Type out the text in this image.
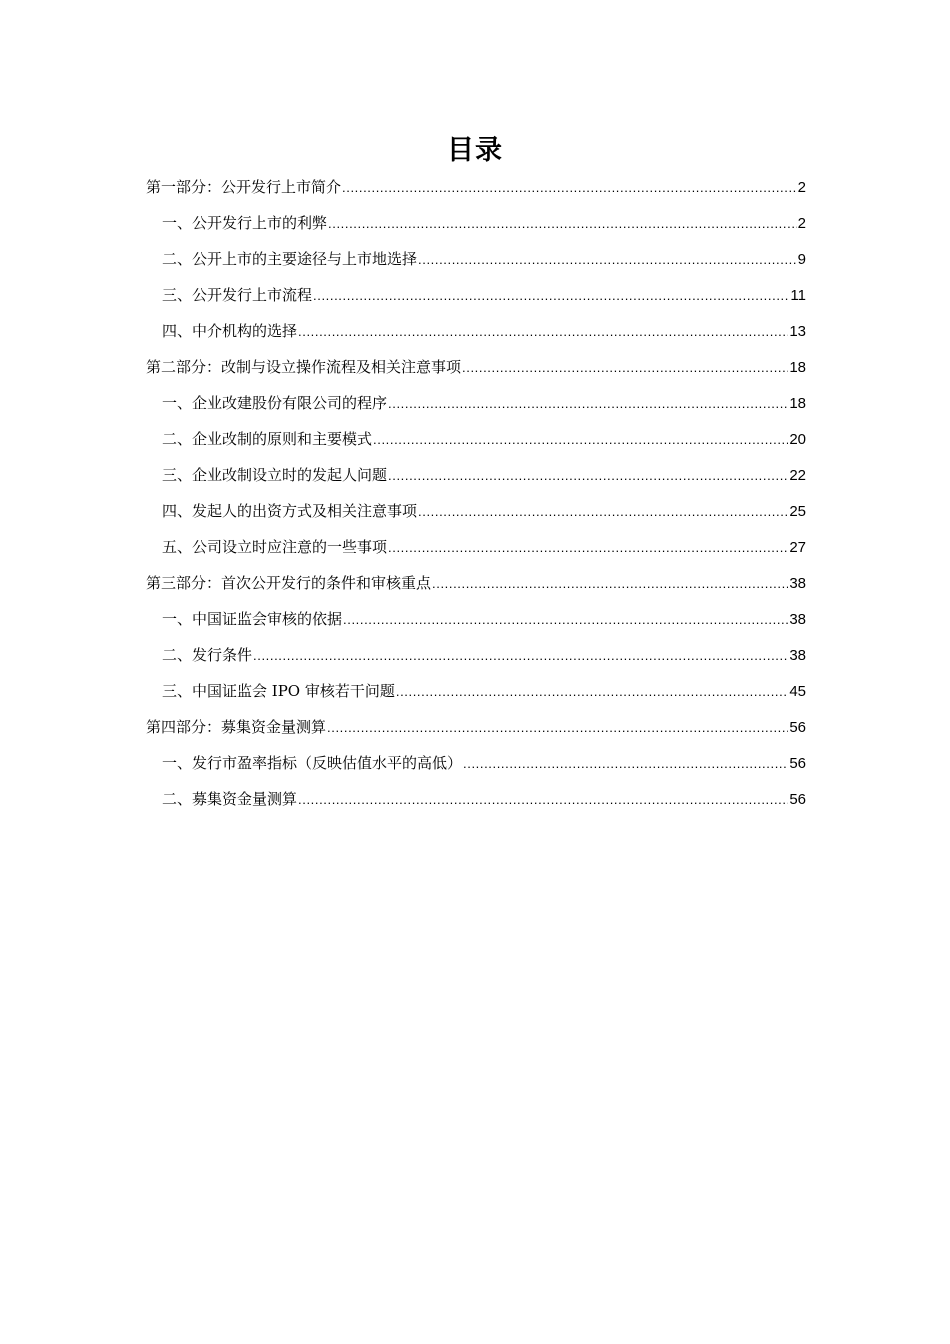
目录
第一部分：公开发行上市简介 .....	2
一、公开发行上市的利弊 .....	2
二、公开上市的主要途径与上市地选择 .....	9
三、公开发行上市流程 .....	11
四、中介机构的选择 .....	13
第二部分：改制与设立操作流程及相关注意事项 .....	18
一、企业改建股份有限公司的程序 .....	18
二、企业改制的原则和主要模式 .....	20
三、企业改制设立时的发起人问题 .....	22
四、发起人的出资方式及相关注意事项 .....	25
五、公司设立时应注意的一些事项 .....	27
第三部分：首次公开发行的条件和审核重点 .....	38
一、中国证监会审核的依据 .....	38
二、发行条件 .....	38
三、中国证监会 IPO 审核若干问题 .....	45
第四部分：募集资金量测算 .....	56
一、发行市盈率指标（反映估值水平的高低） .....	56
二、募集资金量测算 .....	56
